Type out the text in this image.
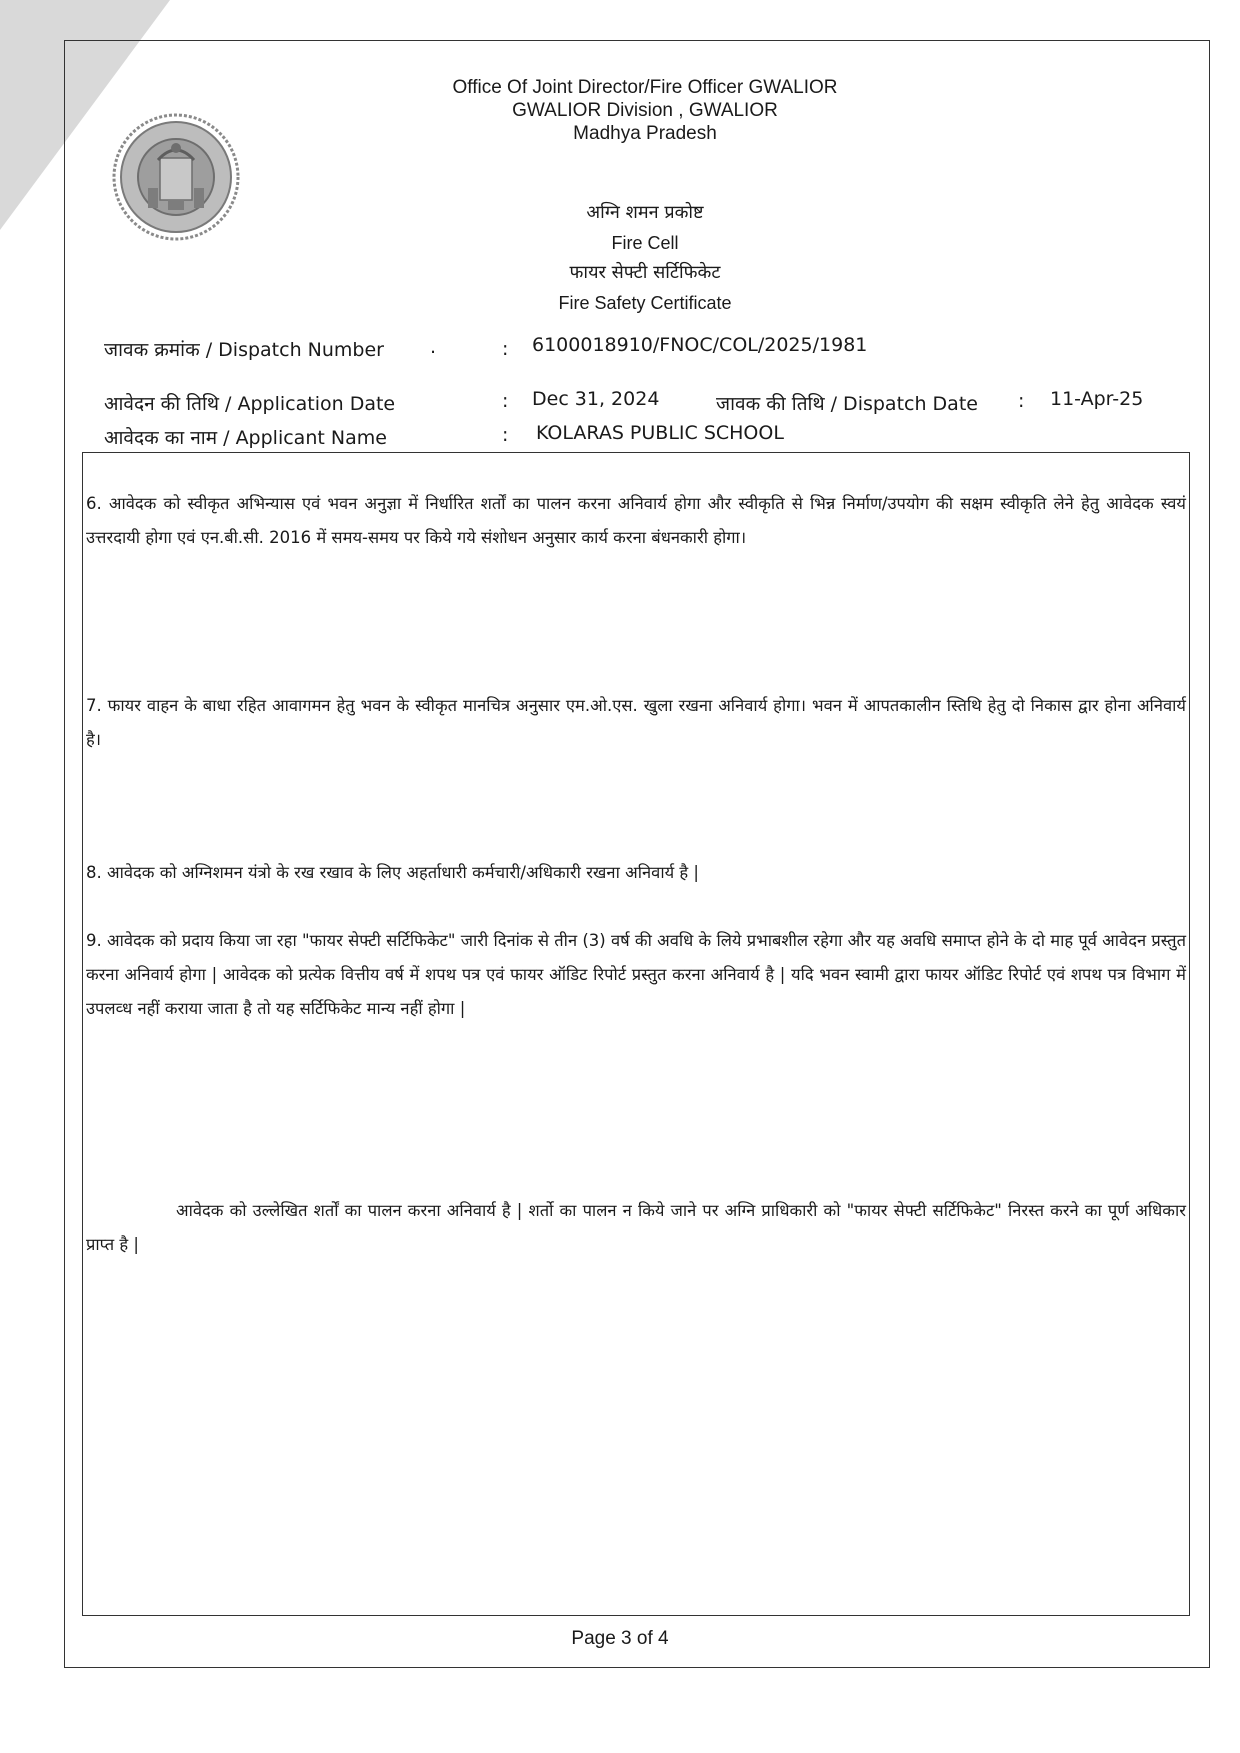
Office Of Joint Director/Fire Officer GWALIOR
GWALIOR Division , GWALIOR
Madhya Pradesh
अग्नि शमन प्रकोष्ट
Fire Cell
फायर सेफ्टी सर्टिफिकेट
Fire Safety Certificate
जावक क्रमांक / Dispatch Number .	: 6100018910/FNOC/COL/2025/1981
आवेदन की तिथि / Application Date	: Dec 31, 2024	जावक की तिथि / Dispatch Date : 11-Apr-25
आवेदक का नाम / Applicant Name	: KOLARAS PUBLIC SCHOOL
6. आवेदक को स्वीकृत अभिन्यास एवं भवन अनुज्ञा में निर्धारित शर्तों का पालन करना अनिवार्य होगा और स्वीकृति से भिन्न निर्माण/उपयोग की सक्षम स्वीकृति लेने हेतु आवेदक स्वयं उत्तरदायी होगा एवं एन.बी.सी. 2016 में समय-समय पर किये गये संशोधन अनुसार कार्य करना बंधनकारी होगा।
7. फायर वाहन के बाधा रहित आवागमन हेतु भवन के स्वीकृत मानचित्र अनुसार एम.ओ.एस. खुला रखना अनिवार्य होगा। भवन में आपतकालीन स्तिथि हेतु दो निकास द्वार होना अनिवार्य है।
8. आवेदक को अग्निशमन यंत्रो के रख रखाव के लिए अहर्ताधारी कर्मचारी/अधिकारी रखना अनिवार्य है |
9. आवेदक को प्रदाय किया जा रहा "फायर सेफ्टी सर्टिफिकेट" जारी दिनांक से तीन (3) वर्ष की अवधि के लिये प्रभाबशील रहेगा और यह अवधि समाप्त होने के दो माह पूर्व आवेदन प्रस्तुत करना अनिवार्य होगा | आवेदक को प्रत्येक वित्तीय वर्ष में शपथ पत्र एवं फायर ऑडिट रिपोर्ट प्रस्तुत करना अनिवार्य है | यदि भवन स्वामी द्वारा फायर ऑडिट रिपोर्ट एवं शपथ पत्र विभाग में उपलव्ध नहीं कराया जाता है तो यह सर्टिफिकेट मान्य नहीं होगा |
आवेदक को उल्लेखित शर्तों का पालन करना अनिवार्य है | शर्तो का पालन न किये जाने पर अग्नि प्राधिकारी को "फायर सेफ्टी सर्टिफिकेट" निरस्त करने का पूर्ण अधिकार प्राप्त है |
Page 3 of 4
